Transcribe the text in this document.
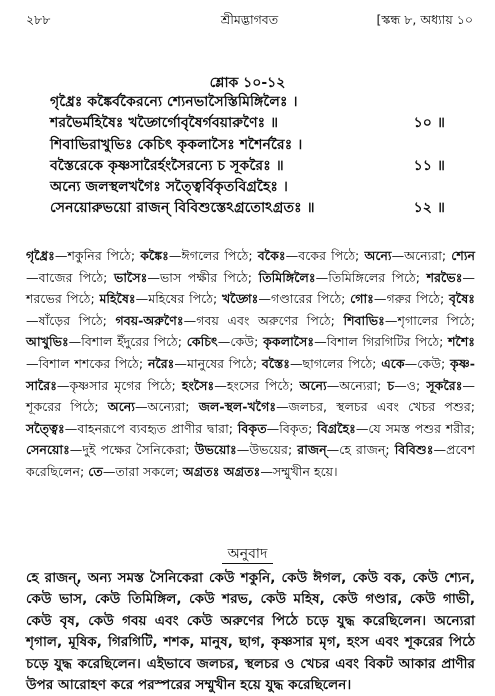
২৮৮	শ্রীমদ্ভাগবত	[স্কন্ধ ৮, অধ্যায় ১০
শ্লোক ১০-১২
গৃধ্রৈঃ কঙ্কৈর্বকৈরন্যে শ্যেনভাসৈস্তিমিঙ্গিলৈঃ ।
১০ ॥
শরভৈর্মহিষৈঃ খড্গৈর্গোবৃষৈর্গবয়ারুণৈঃ ॥
শিবাভিরাখুভিঃ কেচিৎ কৃকলাসৈঃ শশৈর্নরৈঃ ।
১১ ॥
বস্তৈরেকে কৃষ্ণসারৈর্হংসৈরন্যে চ সূকরৈঃ ॥
অন্যে জলস্থলখগৈঃ সত্ত্বৈর্বিকৃতবিগ্রহৈঃ ।
১২ ॥
সেনয়োরুভয়ো রাজন্ বিবিশুস্তেঽগ্রতোঽগ্রতঃ ॥

গৃধ্রৈঃ—শকুনির পিঠে; কঙ্কৈঃ—ঈগলের পিঠে; বকৈঃ—বকের পিঠে; অন্যে—অন্যেরা; শ্যেন—বাজের পিঠে; ভাসৈঃ—ভাস পক্ষীর পিঠে; তিমিঙ্গিলৈঃ—তিমিঙ্গিলের পিঠে; শরভৈঃ—শরভের পিঠে; মহিষৈঃ—মহিষের পিঠে; খড্গৈঃ—গণ্ডারের পিঠে; গোঃ—গরুর পিঠে; বৃষৈঃ—ষাঁড়ের পিঠে; গবয়-অরুণৈঃ—গবয় এবং অরুণের পিঠে; শিবাভিঃ—শৃগালের পিঠে; আখুভিঃ—বিশাল ইঁদুরের পিঠে; কেচিৎ—কেউ; কৃকলাসৈঃ—বিশাল গিরগিটির পিঠে; শশৈঃ—বিশাল শশকের পিঠে; নরৈঃ—মানুষের পিঠে; বস্তৈঃ—ছাগলের পিঠে; একে—কেউ; কৃষ্ণ-সারৈঃ—কৃষ্ণসার মৃগের পিঠে; হংসৈঃ—হংসের পিঠে; অন্যে—অন্যেরা; চ—ও; সূকরৈঃ—শূকরের পিঠে; অন্যে—অন্যেরা; জল-স্থল-খগৈঃ—জলচর, স্থলচর এবং খেচর পশুর; সত্ত্বৈঃ—বাহনরূপে ব্যবহৃত প্রাণীর দ্বারা; বিকৃত—বিকৃত; বিগ্রহৈঃ—যে সমস্ত পশুর শরীর; সেনয়োঃ—দুই পক্ষের সৈনিকেরা; উভয়োঃ—উভয়ের; রাজন্—হে রাজন্; বিবিশুঃ—প্রবেশ করেছিলেন; তে—তারা সকলে; অগ্রতঃ অগ্রতঃ—সম্মুখীন হয়ে।

অনুবাদ

হে রাজন্, অন্য সমস্ত সৈনিকেরা কেউ শকুনি, কেউ ঈগল, কেউ বক, কেউ শ্যেন, কেউ ভাস, কেউ তিমিঙ্গিল, কেউ শরভ, কেউ মহিষ, কেউ গণ্ডার, কেউ গাভী, কেউ বৃষ, কেউ গবয় এবং কেউ অরুণের পিঠে চড়ে যুদ্ধ করেছিলেন। অন্যেরা শৃগাল, মূষিক, গিরগিটি, শশক, মানুষ, ছাগ, কৃষ্ণসার মৃগ, হংস এবং শূকরের পিঠে চড়ে যুদ্ধ করেছিলেন। এইভাবে জলচর, স্থলচর ও খেচর এবং বিকট আকার প্রাণীর উপর আরোহণ করে পরস্পরের সম্মুখীন হয়ে যুদ্ধ করেছিলেন।
